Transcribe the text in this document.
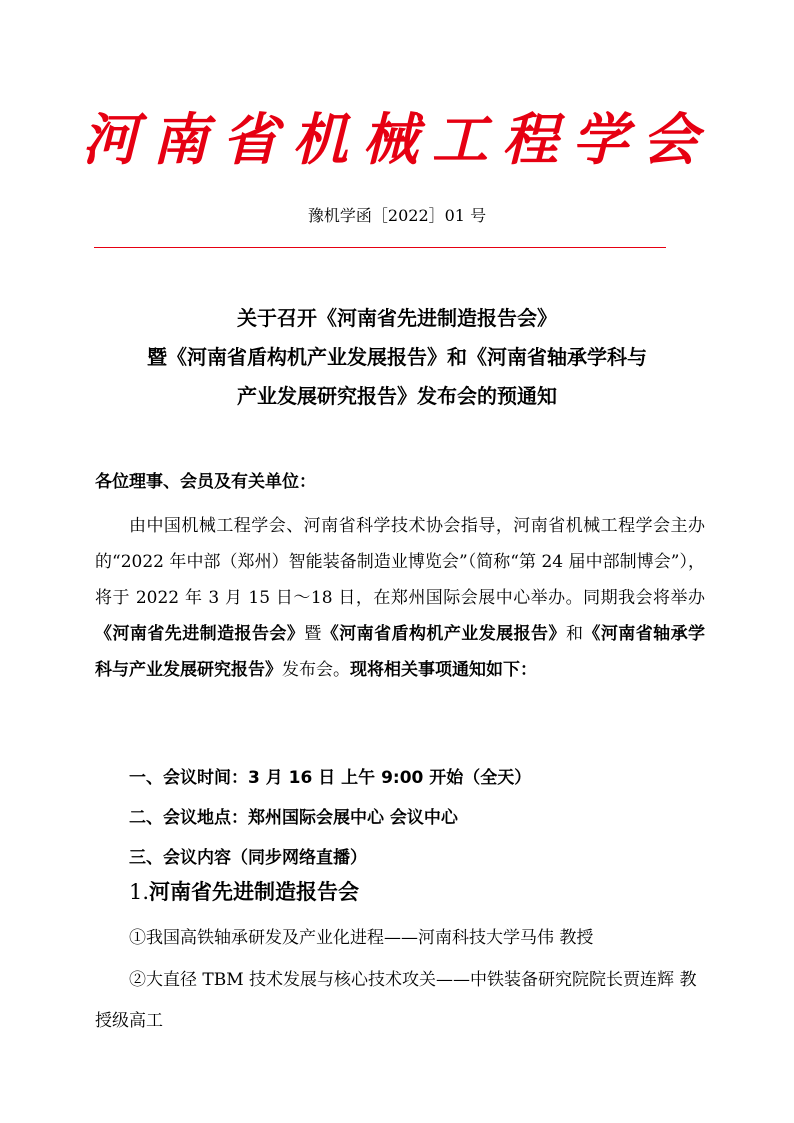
河南省机械工程学会
豫机学函［2022］01 号
关于召开《河南省先进制造报告会》
暨《河南省盾构机产业发展报告》和《河南省轴承学科与
产业发展研究报告》发布会的预通知
各位理事、会员及有关单位：
由中国机械工程学会、河南省科学技术协会指导，河南省机械工程学会主办的“2022 年中部（郑州）智能装备制造业博览会”（简称“第 24 届中部制博会”），将于 2022 年 3 月 15 日～18 日，在郑州国际会展中心举办。同期我会将举办《河南省先进制造报告会》暨《河南省盾构机产业发展报告》和《河南省轴承学科与产业发展研究报告》发布会。现将相关事项通知如下：
一、会议时间：3 月 16 日 上午 9:00 开始（全天）
二、会议地点：郑州国际会展中心 会议中心
三、会议内容（同步网络直播）
1.河南省先进制造报告会
①我国高铁轴承研发及产业化进程——河南科技大学马伟 教授
②大直径 TBM 技术发展与核心技术攻关——中铁装备研究院院长贾连辉 教授级高工
